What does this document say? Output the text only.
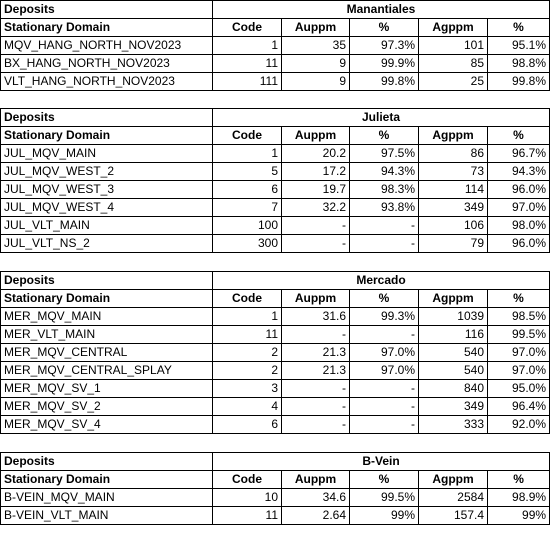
Deposits	Manantiales				
Stationary Domain	Code	Auppm	%	Agppm	%
MQV_HANG_NORTH_NOV2023	1	35	97.3%	101	95.1%
BX_HANG_NORTH_NOV2023	11	9	99.9%	85	98.8%
VLT_HANG_NORTH_NOV2023	111	9	99.8%	25	99.8%
Deposits	Julieta				
Stationary Domain	Code	Auppm	%	Agppm	%
JUL_MQV_MAIN	1	20.2	97.5%	86	96.7%
JUL_MQV_WEST_2	5	17.2	94.3%	73	94.3%
JUL_MQV_WEST_3	6	19.7	98.3%	114	96.0%
JUL_MQV_WEST_4	7	32.2	93.8%	349	97.0%
JUL_VLT_MAIN	100	-	-	106	98.0%
JUL_VLT_NS_2	300	-	-	79	96.0%
Deposits	Mercado				
Stationary Domain	Code	Auppm	%	Agppm	%
MER_MQV_MAIN	1	31.6	99.3%	1039	98.5%
MER_VLT_MAIN	11	-	-	116	99.5%
MER_MQV_CENTRAL	2	21.3	97.0%	540	97.0%
MER_MQV_CENTRAL_SPLAY	2	21.3	97.0%	540	97.0%
MER_MQV_SV_1	3	-	-	840	95.0%
MER_MQV_SV_2	4	-	-	349	96.4%
MER_MQV_SV_4	6	-	-	333	92.0%
Deposits	B-Vein				
Stationary Domain	Code	Auppm	%	Agppm	%
B-VEIN_MQV_MAIN	10	34.6	99.5%	2584	98.9%
B-VEIN_VLT_MAIN	11	2.64	99%	157.4	99%
